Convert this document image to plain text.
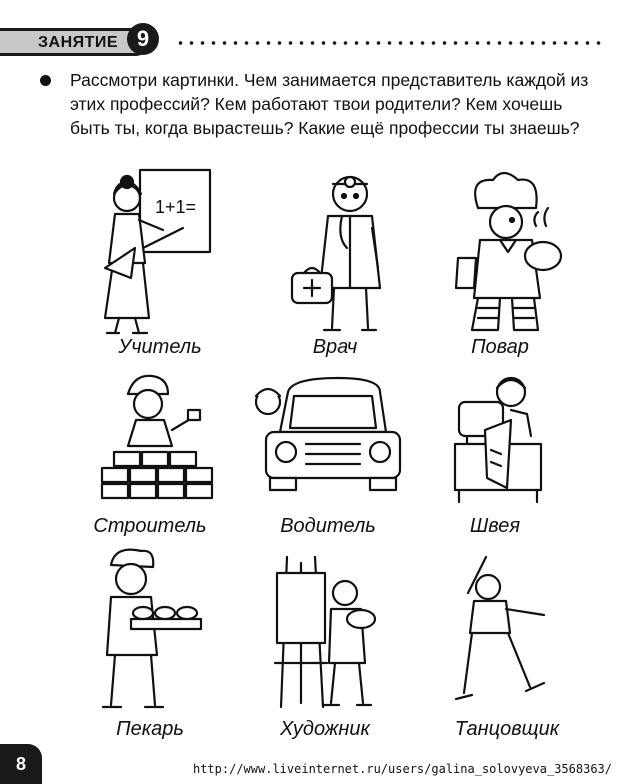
ЗАНЯТИЕ 9
Рассмотри картинки. Чем занимается представитель каждой из этих профессий? Кем работают твои родители? Кем хочешь быть ты, когда вырастешь? Какие ещё профессии ты знаешь?
1+1=
Учитель	Врач	Повар
Строитель	Водитель	Швея
Пекарь	Художник	Танцовщик
8	http://www.liveinternet.ru/users/galina_solovyeva_3568363/
